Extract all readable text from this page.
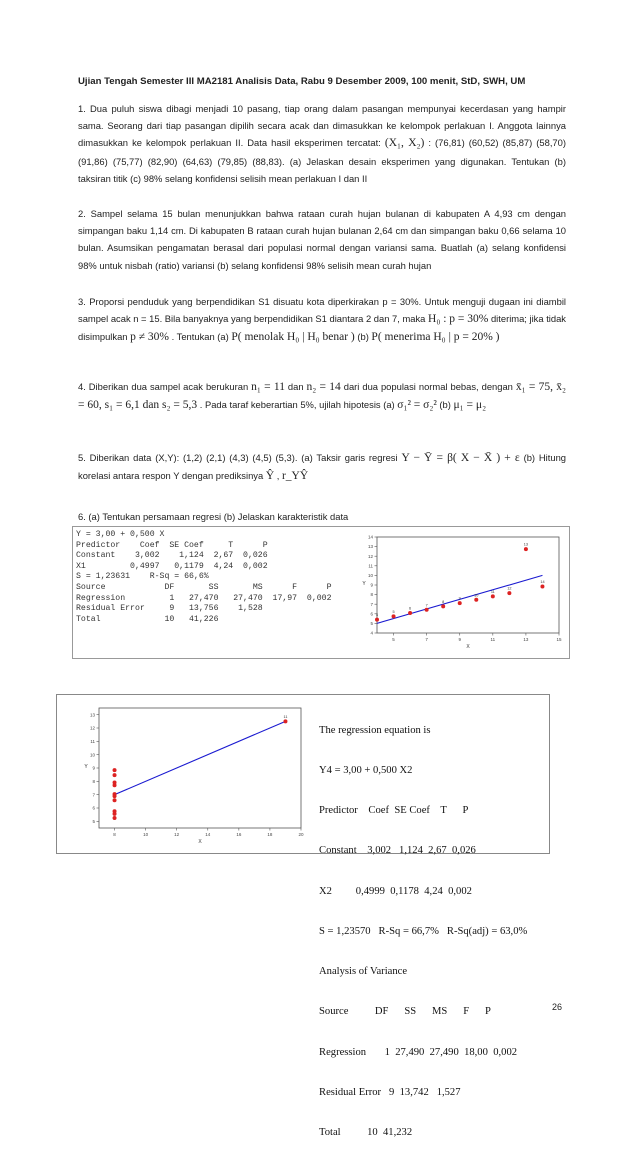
Ujian Tengah Semester III MA2181 Analisis Data, Rabu 9 Desember 2009, 100 menit, StD, SWH, UM
1. Dua puluh siswa dibagi menjadi 10 pasang, tiap orang dalam pasangan mempunyai kecerdasan yang hampir sama. Seorang dari tiap pasangan dipilih secara acak dan dimasukkan ke kelompok perlakuan I. Anggota lainnya dimasukkan ke kelompok perlakuan II. Data hasil eksperimen tercatat: (X₁, X₂) : (76,81) (60,52) (85,87) (58,70) (91,86) (75,77) (82,90) (64,63) (79,85) (88,83). (a) Jelaskan desain eksperimen yang digunakan. Tentukan (b) taksiran titik (c) 98% selang konfidensi selisih mean perlakuan I dan II
2. Sampel selama 15 bulan menunjukkan bahwa rataan curah hujan bulanan di kabupaten A 4,93 cm dengan simpangan baku 1,14 cm. Di kabupaten B rataan curah hujan bulanan 2,64 cm dan simpangan baku 0,66 selama 10 bulan. Asumsikan pengamatan berasal dari populasi normal dengan variansi sama. Buatlah (a) selang konfidensi 98% untuk nisbah (ratio) variansi (b) selang konfidensi 98% selisih mean curah hujan
3. Proporsi penduduk yang berpendidikan S1 disuatu kota diperkirakan p = 30%. Untuk menguji dugaan ini diambil sampel acak n = 15. Bila banyaknya yang berpendidikan S1 diantara 2 dan 7, maka H₀ : p = 30% diterima; jika tidak disimpulkan p ≠ 30% . Tentukan (a) P( menolak H₀ | H₀ benar ) (b) P( menerima H₀ | p = 20% )
4. Diberikan dua sampel acak berukuran n₁ = 11 dan n₂ = 14 dari dua populasi normal bebas, dengan x̄₁ = 75, x̄₂ = 60, s₁ = 6,1 dan s₂ = 5,3 . Pada taraf keberartian 5%, ujilah hipotesis (a) σ₁² = σ₂² (b) μ₁ = μ₂
5. Diberikan data (X,Y): (1,2) (2,1) (4,3) (4,5) (5,3). (a) Taksir garis regresi Y − Ȳ = β( X − X̄ ) + ε (b) Hitung korelasi antara respon Y dengan prediksinya Ŷ , r_YŶ
6. (a) Tentukan persamaan regresi (b) Jelaskan karakteristik data
Y = 3,00 + 0,500 X
Predictor    Coef  SE Coef     T      P
Constant    3,002    1,124  2,67  0,026
X1         0,4997   0,1179  4,24  0,002
S = 1,23631    R-Sq = 66,6%
Source            DF       SS       MS      F      P
Regression         1   27,470   27,470  17,97  0,002
Residual Error     9   13,756    1,528
Total             10   41,226
5	7	9	11	13	15
4
5
6
7
8
9
10
11
12
13
14
X
Y
4
5
6
7
8
9
10
11
12
13
14
8	10	12	14	16	18	20
5
6
7
8
9
10
11
12
13
X
Y
11

The regression equation is

Y4 = 3,00 + 0,500 X2

Predictor    Coef  SE Coef    T      P

Constant    3,002   1,124  2,67  0,026

X2         0,4999  0,1178  4,24  0,002

S = 1,23570   R-Sq = 66,7%   R-Sq(adj) = 63,0%

Analysis of Variance

Source          DF      SS      MS      F      P

Regression       1  27,490  27,490  18,00  0,002

Residual Error   9  13,742   1,527

Total          10  41,232

26
